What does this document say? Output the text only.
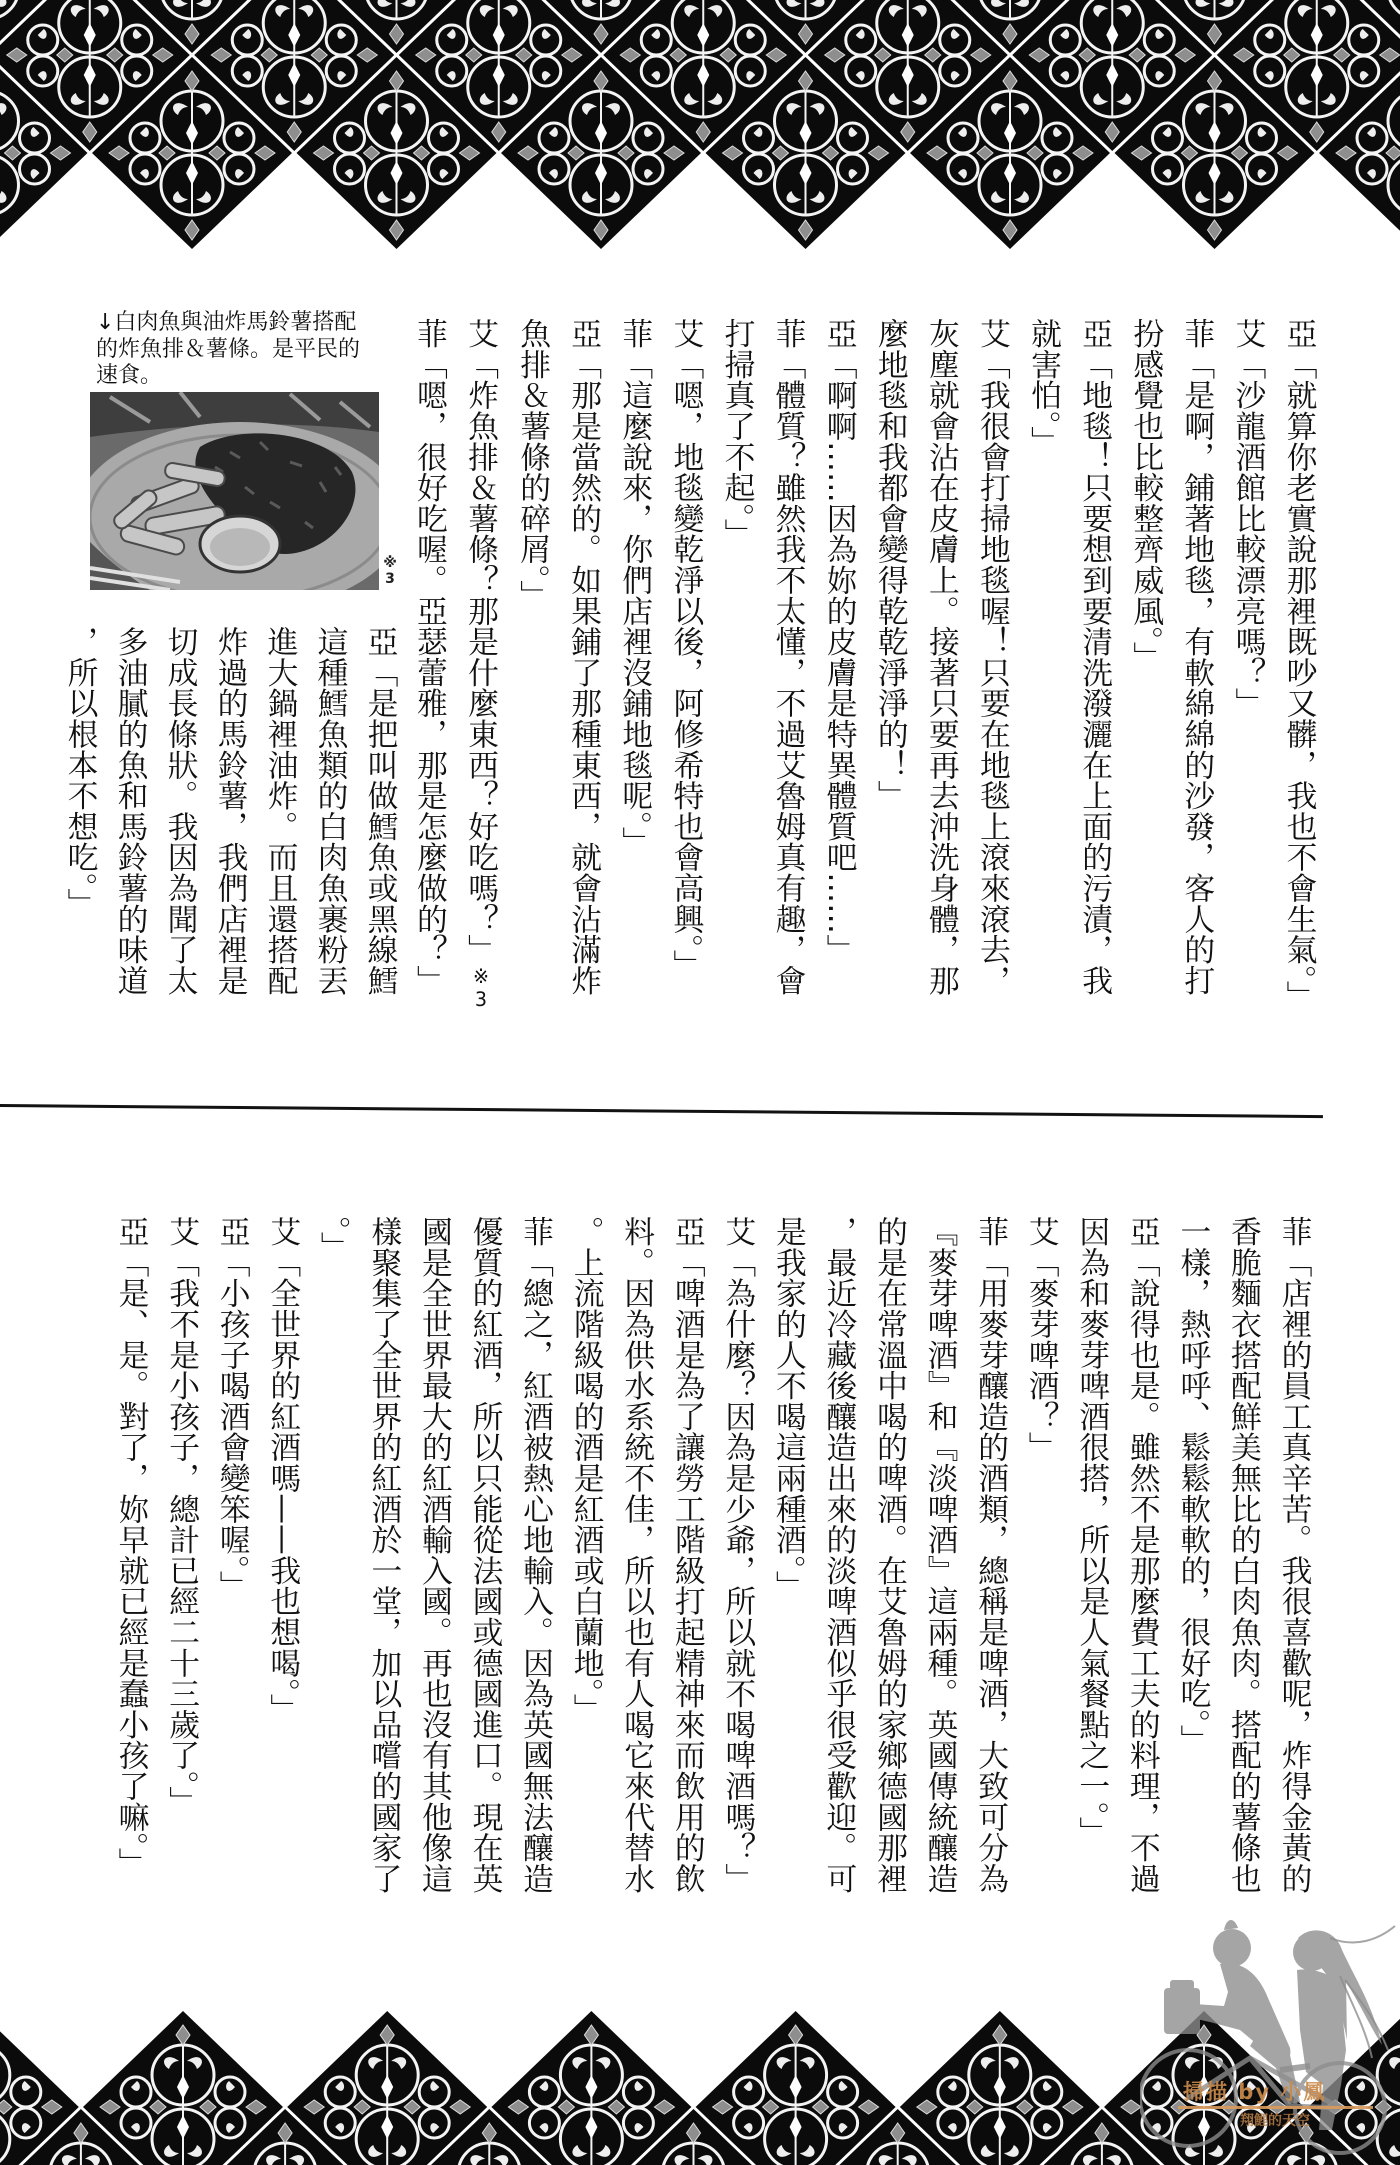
亞「就算你老實說那裡既吵又髒，我也不會生氣。」
艾「沙龍酒館比較漂亮嗎？」
菲「是啊，鋪著地毯，有軟綿綿的沙發，客人的打
扮感覺也比較整齊威風。」
亞「地毯！只要想到要清洗潑灑在上面的污漬，我
就害怕。」
艾「我很會打掃地毯喔！只要在地毯上滾來滾去，
灰塵就會沾在皮膚上。接著只要再去沖洗身體，那
麼地毯和我都會變得乾乾淨淨的！」
亞「啊啊……因為妳的皮膚是特異體質吧……」
菲「體質？雖然我不太懂，不過艾魯姆真有趣，會
打掃真了不起。」
艾「嗯，地毯變乾淨以後，阿修希特也會高興。」
菲「這麼說來，你們店裡沒鋪地毯呢。」
亞「那是當然的。如果鋪了那種東西，就會沾滿炸
魚排＆薯條的碎屑。」
艾「炸魚排＆薯條？那是什麼東西？好吃嗎？」※3
菲「嗯，很好吃喔。亞瑟蕾雅，那是怎麼做的？」
↓白肉魚與油炸馬鈴薯搭配
的炸魚排＆薯條。是平民的
速食。
※3
亞「是把叫做鱈魚或黑線鱈
這種鱈魚類的白肉魚裹粉丟
進大鍋裡油炸。而且還搭配
炸過的馬鈴薯，我們店裡是
切成長條狀。我因為聞了太
多油膩的魚和馬鈴薯的味道
，所以根本不想吃。」
菲「店裡的員工真辛苦。我很喜歡呢，炸得金黃的
香脆麵衣搭配鮮美無比的白肉魚肉。搭配的薯條也
一樣，熱呼呼、鬆鬆軟軟的，很好吃。」
亞「說得也是。雖然不是那麼費工夫的料理，不過
因為和麥芽啤酒很搭，所以是人氣餐點之一。」
艾「麥芽啤酒？」
菲「用麥芽釀造的酒類，總稱是啤酒，大致可分為
『麥芽啤酒』和『淡啤酒』這兩種。英國傳統釀造
的是在常溫中喝的啤酒。在艾魯姆的家鄉德國那裡
，最近冷藏後釀造出來的淡啤酒似乎很受歡迎。可
是我家的人不喝這兩種酒。」
艾「為什麼？因為是少爺，所以就不喝啤酒嗎？」
亞「啤酒是為了讓勞工階級打起精神來而飲用的飲
料。因為供水系統不佳，所以也有人喝它來代替水
。上流階級喝的酒是紅酒或白蘭地。」
菲「總之，紅酒被熱心地輸入。因為英國無法釀造
優質的紅酒，所以只能從法國或德國進口。現在英
國是全世界最大的紅酒輸入國。再也沒有其他像這
樣聚集了全世界的紅酒於一堂，加以品嚐的國家了
。」
艾「全世界的紅酒嗎——我也想喝。」
亞「小孩子喝酒會變笨喔。」
艾「我不是小孩子，總計已經二十三歲了。」
亞「是、是。對了，妳早就已經是蠢小孩了嘛。」
掃描 by 小鳳
翔鯉的天空
